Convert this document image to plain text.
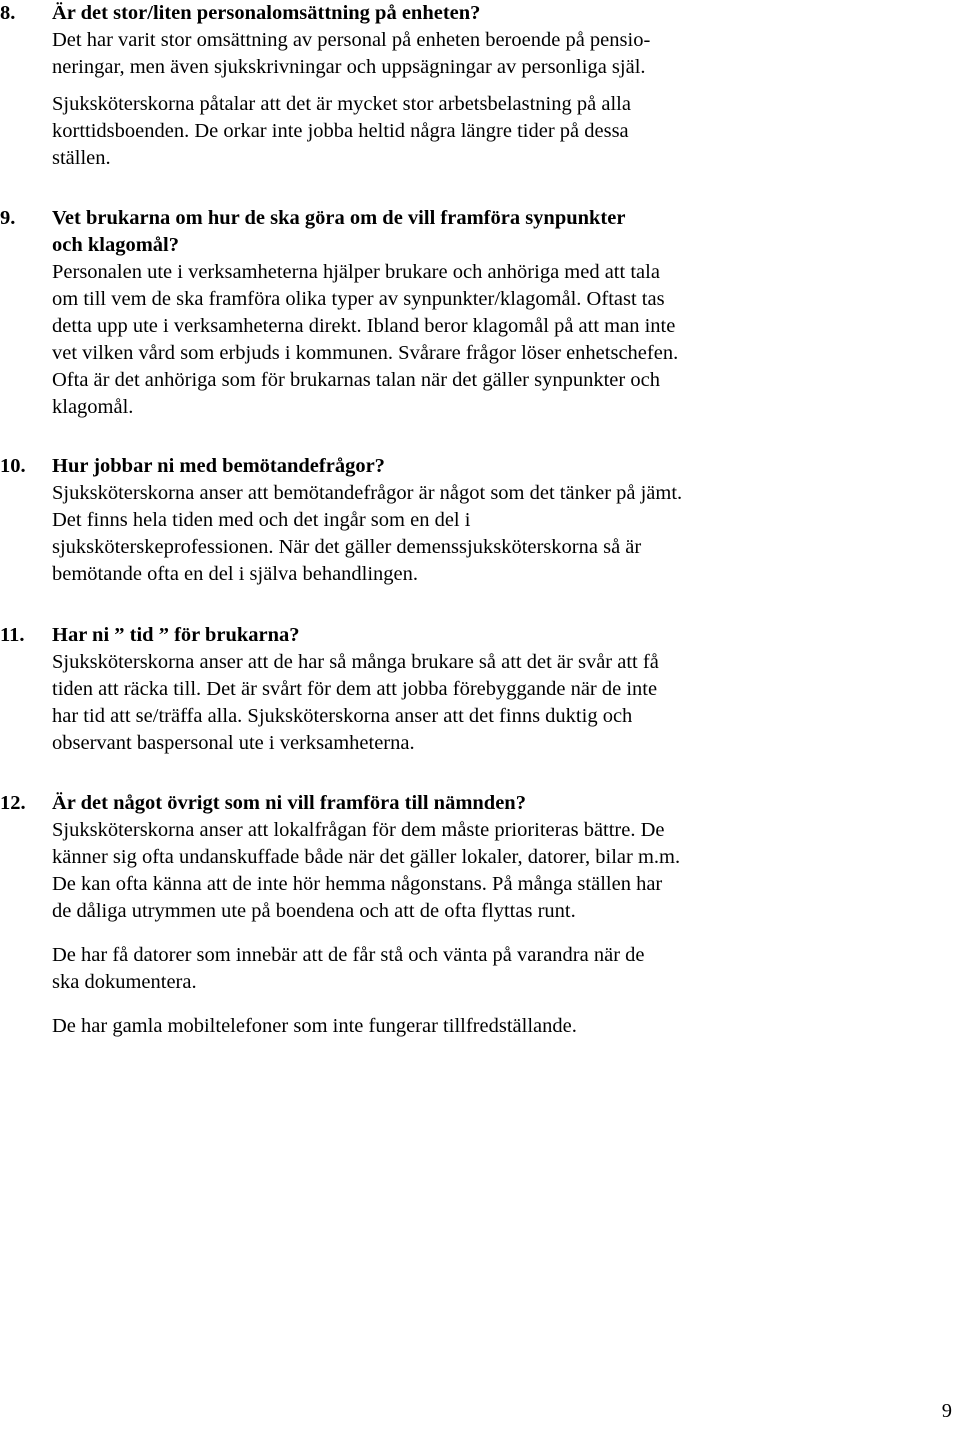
8. Är det stor/liten personalomsättning på enheten?

Det har varit stor omsättning av personal på enheten beroende på pensio-
neringar, men även sjukskrivningar och uppsägningar av personliga själ.

Sjuksköterskorna påtalar att det är mycket stor arbetsbelastning på alla
korttidsboenden. De orkar inte jobba heltid några längre tider på dessa
ställen.

9. Vet brukarna om hur de ska göra om de vill framföra synpunkter
och klagomål?

Personalen ute i verksamheterna hjälper brukare och anhöriga med att tala
om till vem de ska framföra olika typer av synpunkter/klagomål. Oftast tas
detta upp ute i verksamheterna direkt. Ibland beror klagomål på att man inte
vet vilken vård som erbjuds i kommunen. Svårare frågor löser enhetschefen.
Ofta är det anhöriga som för brukarnas talan när det gäller synpunkter och
klagomål.

10. Hur jobbar ni med bemötandefrågor?

Sjuksköterskorna anser att bemötandefrågor är något som det tänker på jämt.
Det finns hela tiden med och det ingår som en del i
sjuksköterskeprofessionen. När det gäller demenssjuksköterskorna så är
bemötande ofta en del i själva behandlingen.

11. Har ni ” tid ” för brukarna?

Sjuksköterskorna anser att de har så många brukare så att det är svår att få
tiden att räcka till. Det är svårt för dem att jobba förebyggande när de inte
har tid att se/träffa alla. Sjuksköterskorna anser att det finns duktig och
observant baspersonal ute i verksamheterna.

12. Är det något övrigt som ni vill framföra till nämnden?

Sjuksköterskorna anser att lokalfrågan för dem måste prioriteras bättre. De
känner sig ofta undanskuffade både när det gäller lokaler, datorer, bilar m.m.
De kan ofta känna att de inte hör hemma någonstans. På många ställen har
de dåliga utrymmen ute på boendena och att de ofta flyttas runt.

De har få datorer som innebär att de får stå och vänta på varandra när de
ska dokumentera.

De har gamla mobiltelefoner som inte fungerar tillfredställande.

9
